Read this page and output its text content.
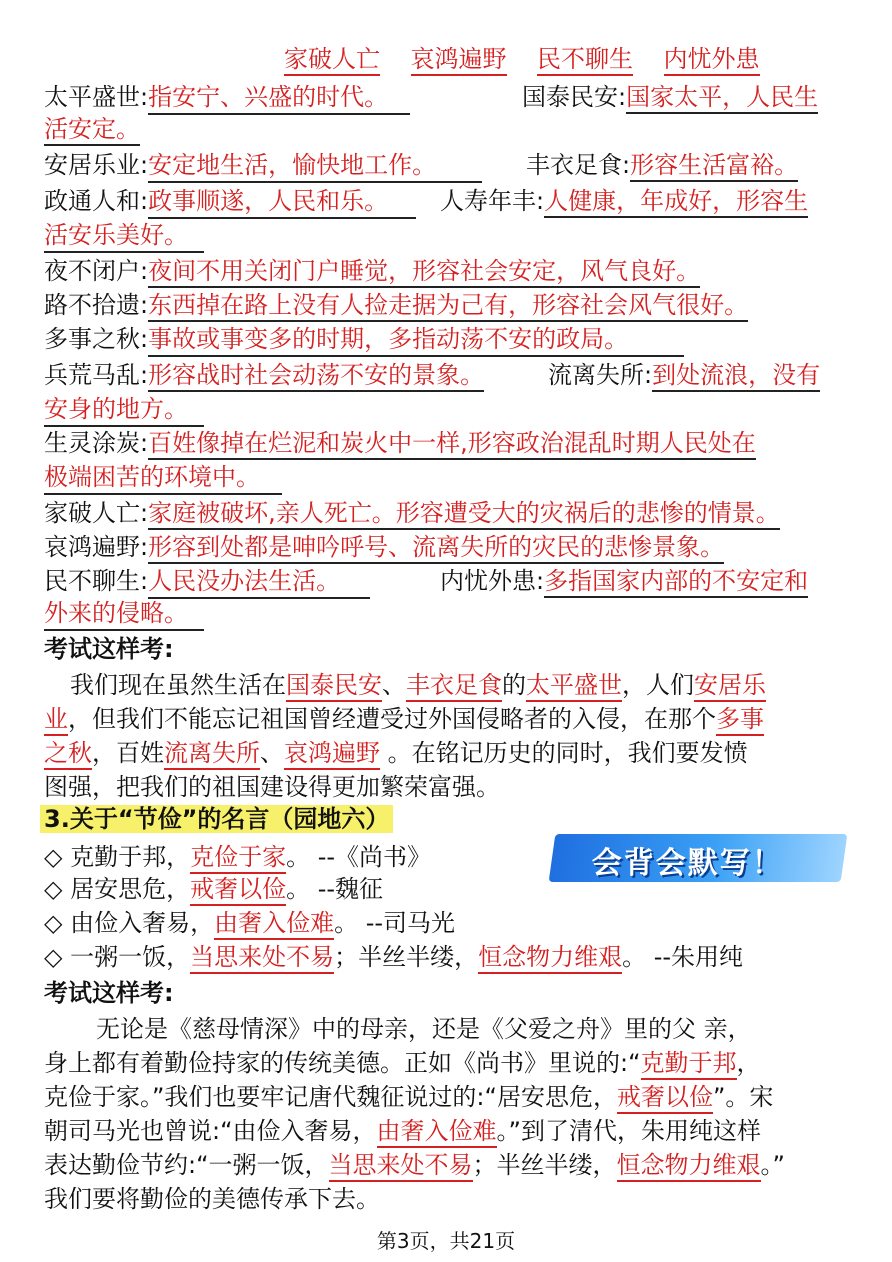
家破人亡 哀鸿遍野 民不聊生 内忧外患
太平盛世:指安宁、兴盛的时代。	国泰民安:国家太平，人民生
活安定。
安居乐业:安定地生活，愉快地工作。	丰衣足食:形容生活富裕。
政通人和:政事顺遂，人民和乐。	人寿年丰:人健康，年成好，形容生
活安乐美好。
夜不闭户:夜间不用关闭门户睡觉，形容社会安定，风气良好。
路不拾遗:东西掉在路上没有人捡走据为己有，形容社会风气很好。
多事之秋:事故或事变多的时期，多指动荡不安的政局。
兵荒马乱:形容战时社会动荡不安的景象。	流离失所:到处流浪，没有
安身的地方。
生灵涂炭:百姓像掉在烂泥和炭火中一样,形容政治混乱时期人民处在
极端困苦的环境中。
家破人亡:家庭被破坏,亲人死亡。形容遭受大的灾祸后的悲惨的情景。
哀鸿遍野:形容到处都是呻吟呼号、流离失所的灾民的悲惨景象。
民不聊生:人民没办法生活。	内忧外患:多指国家内部的不安定和
外来的侵略。
考试这样考:
我们现在虽然生活在国泰民安、丰衣足食的太平盛世，人们安居乐
业，但我们不能忘记祖国曾经遭受过外国侵略者的入侵，在那个多事
之秋，百姓流离失所、哀鸿遍野 。在铭记历史的同时，我们要发愤
图强，把我们的祖国建设得更加繁荣富强。
3.关于“节俭”的名言（园地六）
会背会默写！
◇ 克勤于邦，克俭于家。 --《尚书》
◇ 居安思危，戒奢以俭。 --魏征
◇ 由俭入奢易，由奢入俭难。 --司马光
◇ 一粥一饭，当思来处不易；半丝半缕，恒念物力维艰。 --朱用纯
考试这样考:
无论是《慈母情深》中的母亲，还是《父爱之舟》里的父 亲，
身上都有着勤俭持家的传统美德。正如《尚书》里说的:“克勤于邦，
克俭于家。”我们也要牢记唐代魏征说过的:“居安思危，戒奢以俭”。宋
朝司马光也曾说:“由俭入奢易，由奢入俭难。”到了清代，朱用纯这样
表达勤俭节约:“一粥一饭，当思来处不易；半丝半缕，恒念物力维艰。”
我们要将勤俭的美德传承下去。
第3页，共21页
